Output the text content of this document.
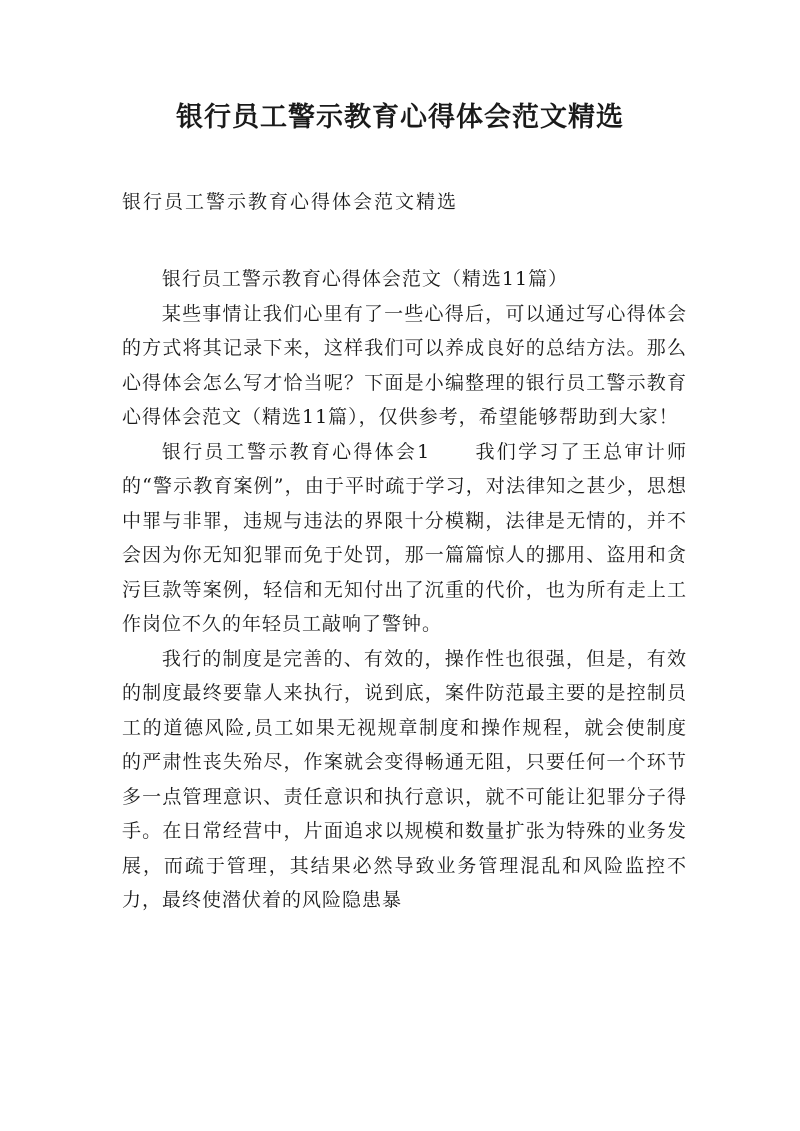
银行员工警示教育心得体会范文精选
银行员工警示教育心得体会范文精选

银行员工警示教育心得体会范文（精选11篇）

某些事情让我们心里有了一些心得后，可以通过写心得体会的方式将其记录下来，这样我们可以养成良好的总结方法。那么心得体会怎么写才恰当呢？下面是小编整理的银行员工警示教育心得体会范文（精选11篇），仅供参考，希望能够帮助到大家！

银行员工警示教育心得体会1 我们学习了王总审计师的“警示教育案例”，由于平时疏于学习，对法律知之甚少，思想中罪与非罪，违规与违法的界限十分模糊，法律是无情的，并不会因为你无知犯罪而免于处罚，那一篇篇惊人的挪用、盗用和贪污巨款等案例，轻信和无知付出了沉重的代价，也为所有走上工作岗位不久的年轻员工敲响了警钟。

我行的制度是完善的、有效的，操作性也很强，但是，有效的制度最终要靠人来执行，说到底，案件防范最主要的是控制员工的道德风险,员工如果无视规章制度和操作规程，就会使制度的严肃性丧失殆尽，作案就会变得畅通无阻，只要任何一个环节多一点管理意识、责任意识和执行意识，就不可能让犯罪分子得手。在日常经营中，片面追求以规模和数量扩张为特殊的业务发展，而疏于管理，其结果必然导致业务管理混乱和风险监控不力，最终使潜伏着的风险隐患暴
